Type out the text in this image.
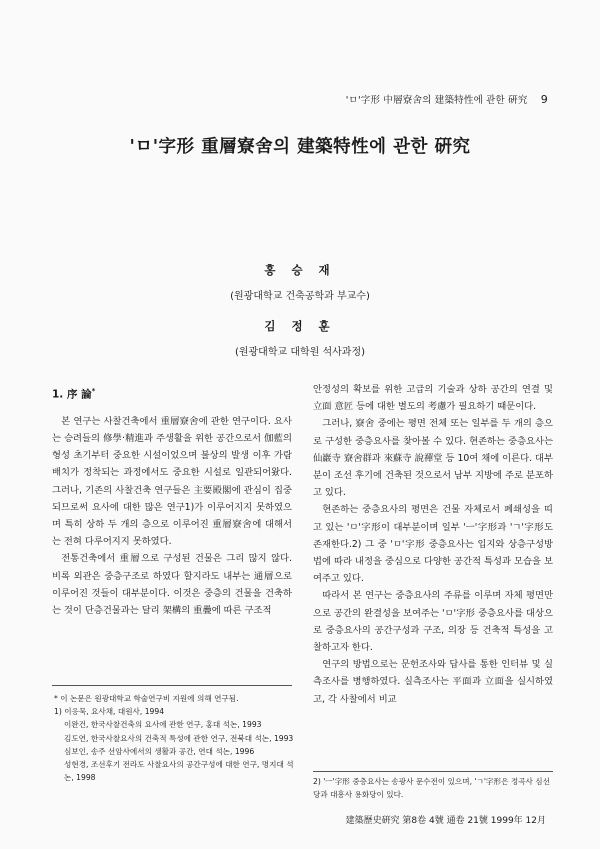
'ㅁ'字形 中層寮舍의 建築特性에 관한 硏究 9
'ㅁ'字形 重層寮舍의 建築特性에 관한 硏究
홍 승 재
(원광대학교 건축공학과 부교수)
김 정 훈
(원광대학교 대학원 석사과정)
1. 序 論*

본 연구는 사찰건축에서 重層寮舍에 관한 연구이다. 요사는 승려들의 修學·精進과 주생활을 위한 공간으로서 伽藍의 형성 초기부터 중요한 시설이었으며 불상의 발생 이후 가람배치가 정착되는 과정에서도 중요한 시설로 일관되어왔다. 그러나, 기존의 사찰건축 연구들은 主要殿閣에 관심이 집중되므로써 요사에 대한 많은 연구1)가 이루어지지 못하였으며 특히 상하 두 개의 층으로 이루어진 重層寮舍에 대해서는 전혀 다루어지지 못하였다.

전통건축에서 重層으로 구성된 건물은 그리 많지 않다. 비록 외관은 중층구조로 하였다 할지라도 내부는 通層으로 이루어진 것들이 대부분이다. 이것은 중층의 건물을 건축하는 것이 단층건물과는 달리 架構의 重疊에 따른 구조적

안정성의 확보를 위한 고급의 기술과 상하 공간의 연결 및 立面 意匠 등에 대한 별도의 考慮가 필요하기 때문이다.

그러나, 寮舍 중에는 평면 전체 또는 일부를 두 개의 층으로 구성한 중층요사를 찾아볼 수 있다. 현존하는 중층요사는 仙巖寺 寮舍群과 來蘇寺 說禪堂 등 10여 채에 이른다. 대부분이 조선 후기에 건축된 것으로서 남부 지방에 주로 분포하고 있다.

현존하는 중층요사의 평면은 건물 자체로서 폐쇄성을 띠고 있는 'ㅁ'字形이 대부분이며 일부 'ㅡ'字形과 'ㄱ'字形도 존재한다.2) 그 중 'ㅁ'字形 중층요사는 입지와 상층구성방법에 따라 내정을 중심으로 다양한 공간적 특성과 모습을 보여주고 있다.

따라서 본 연구는 중층요사의 주류를 이루며 자체 평면만으로 공간의 완결성을 보여주는 'ㅁ'字形 중층요사를 대상으로 중층요사의 공간구성과 구조, 의장 등 건축적 특성을 고찰하고자 한다.

연구의 방법으로는 문헌조사와 답사를 통한 인터뷰 및 실측조사를 병행하였다. 실측조사는 平面과 立面을 실시하였고, 각 사찰에서 비교

* 이 논문은 원광대학교 학술연구비 지원에 의해 연구됨.
1) 이응묵, 요사채, 대원사, 1994
이완건, 한국사찰건축의 요사에 관한 연구, 홍대 석논, 1993
김도연, 한국사찰요사의 건축적 특성에 관한 연구, 전북대 석논, 1993
심보인, 송주 선암사에서의 생활과 공간, 연대 석논, 1996
성현경, 조선후기 전라도 사찰요사의 공간구성에 대한 연구, 명지대 석논, 1998	2) 'ㅡ'字形 중층요사는 송광사 문수전이 있으며, 'ㄱ'字形은 정곡사 심선당과 대흥사 용화당이 있다.
建築歷史硏究 第8卷 4號 通卷 21號 1999年 12月
